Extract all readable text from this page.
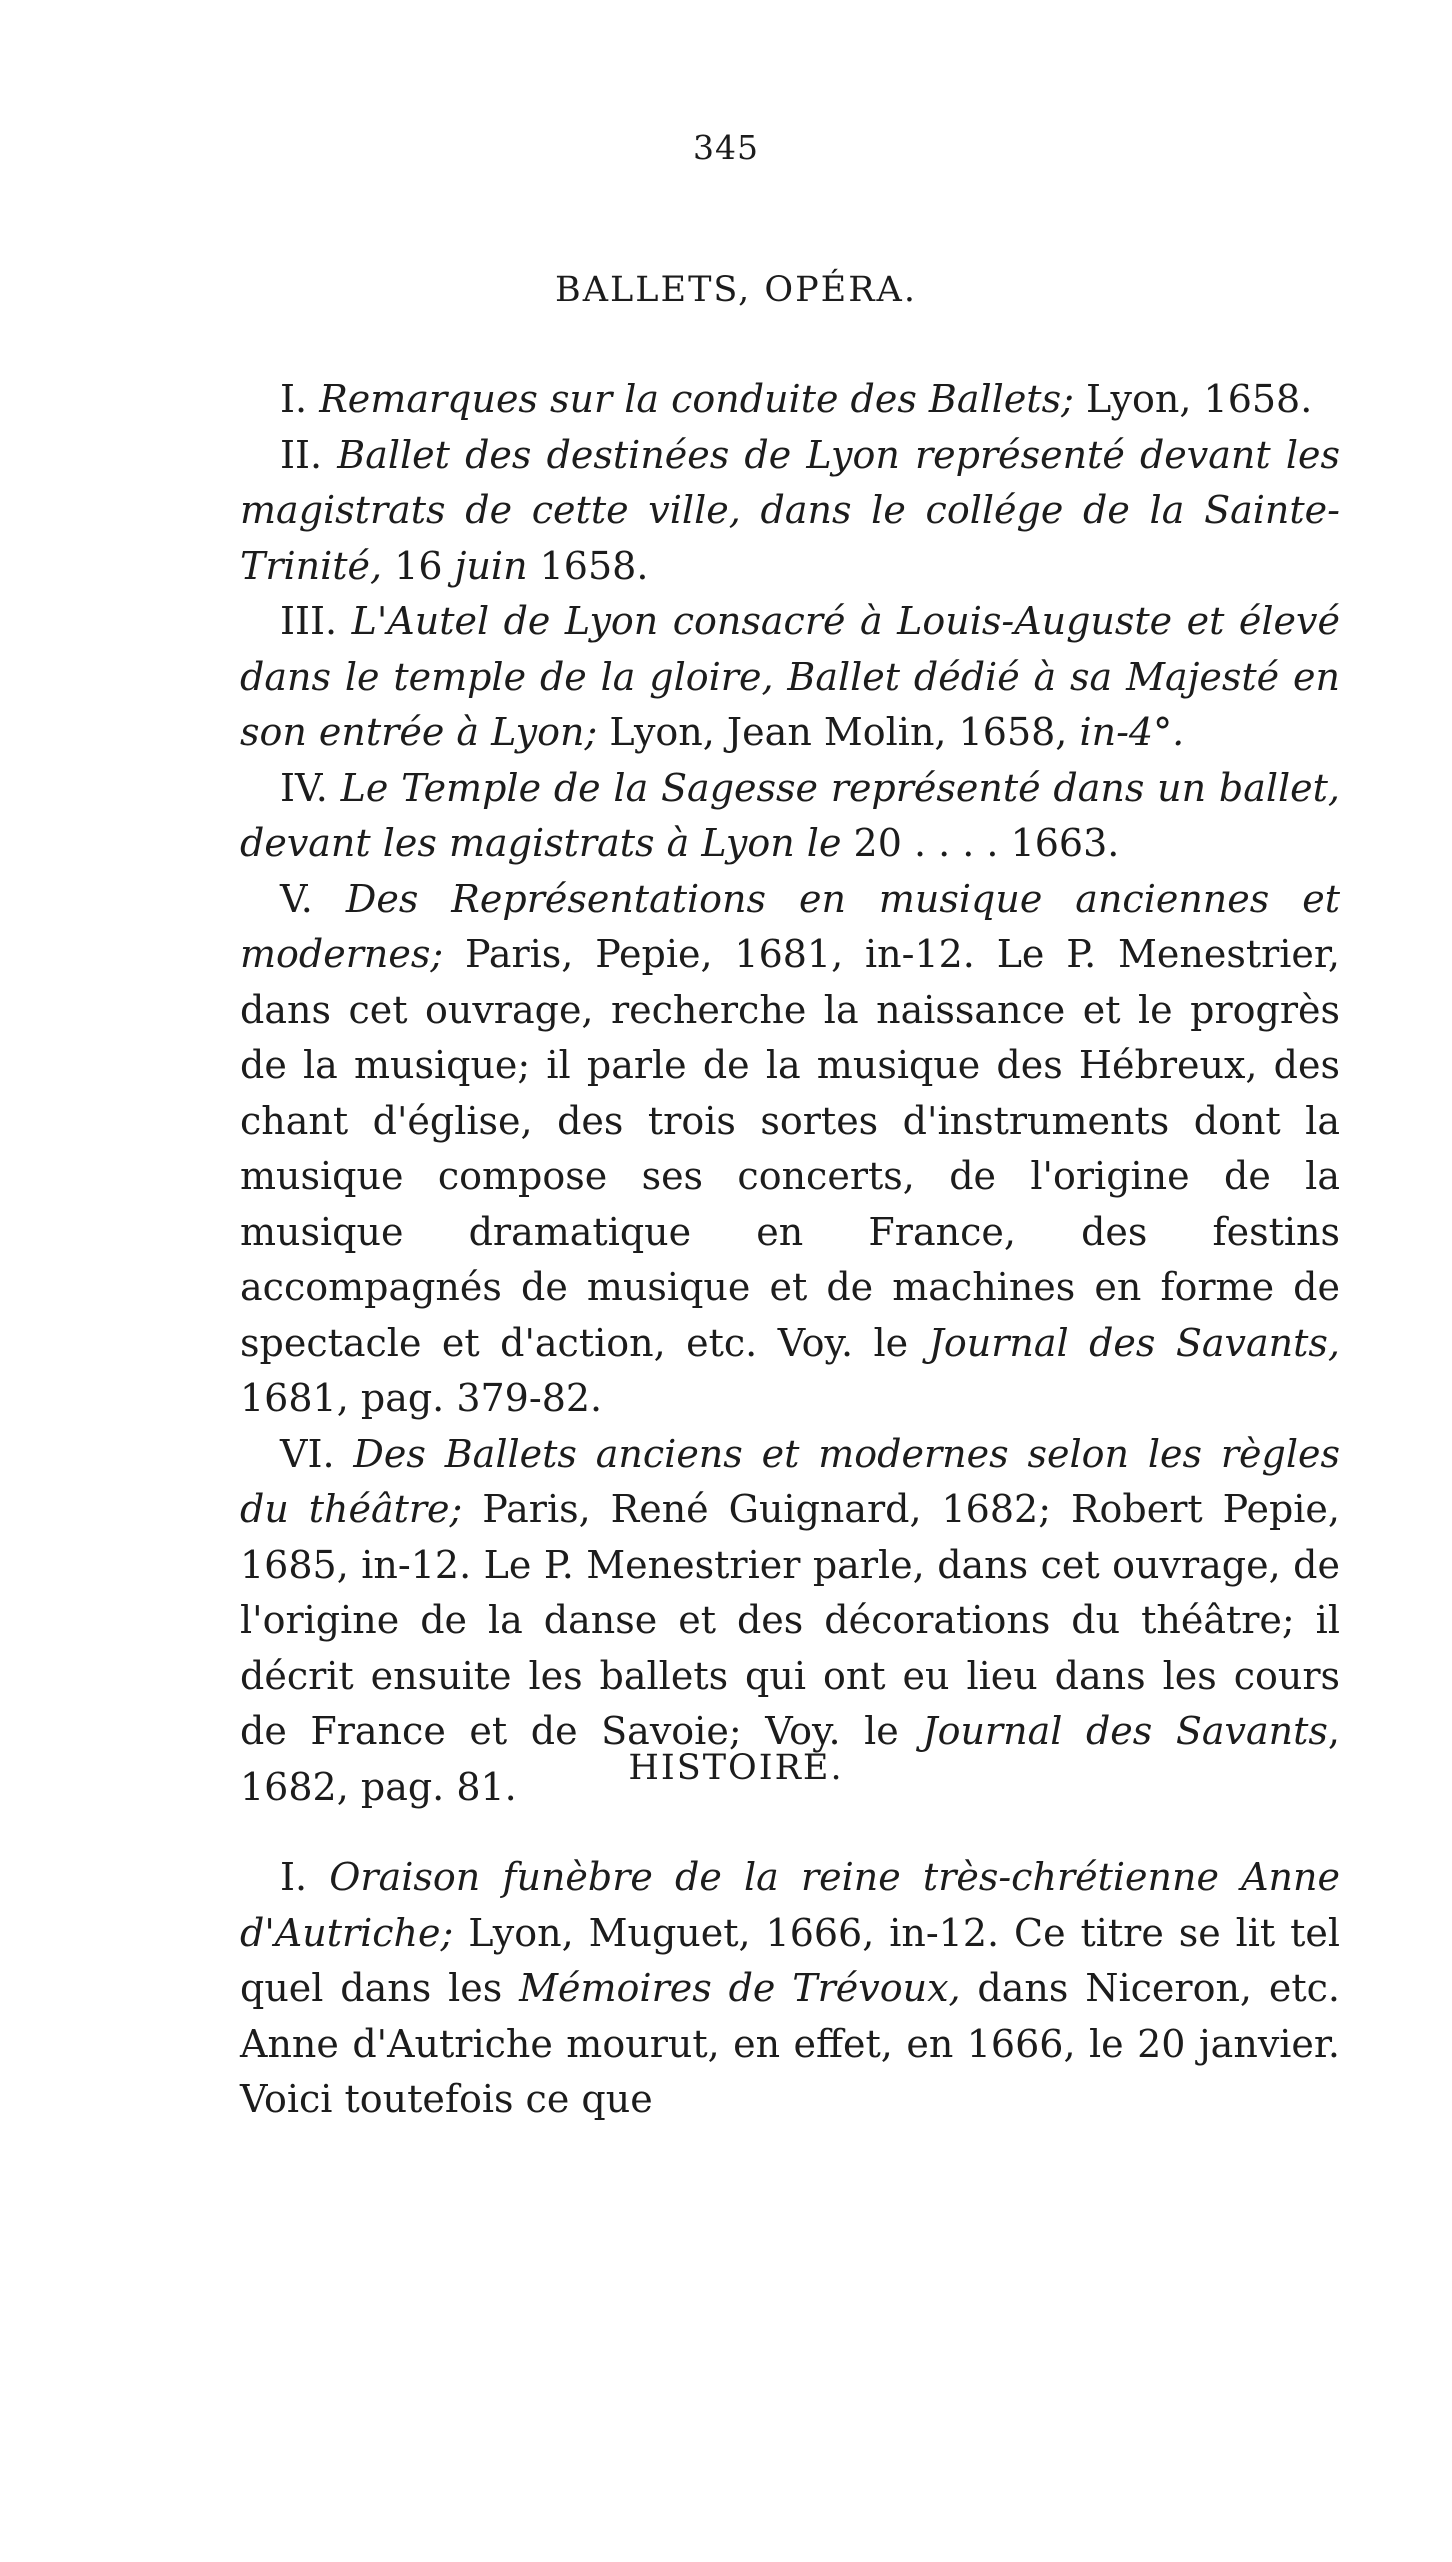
345
BALLETS, OPÉRA.

I. Remarques sur la conduite des Ballets; Lyon, 1658.

II. Ballet des destinées de Lyon représenté devant les magistrats de cette ville, dans le collége de la Sainte-Trinité, 16 juin 1658.

III. L'Autel de Lyon consacré à Louis-Auguste et élevé dans le temple de la gloire, Ballet dédié à sa Majesté en son entrée à Lyon; Lyon, Jean Molin, 1658, in-4°.

IV. Le Temple de la Sagesse représenté dans un ballet, devant les magistrats à Lyon le 20 . . . . 1663.

V. Des Représentations en musique anciennes et modernes; Paris, Pepie, 1681, in-12. Le P. Menestrier, dans cet ouvrage, recherche la naissance et le progrès de la musique; il parle de la musique des Hébreux, des chant d'église, des trois sortes d'instruments dont la musique compose ses concerts, de l'origine de la musique dramatique en France, des festins accompagnés de musique et de machines en forme de spectacle et d'action, etc. Voy. le Journal des Savants, 1681, pag. 379-82.

VI. Des Ballets anciens et modernes selon les règles du théâtre; Paris, René Guignard, 1682; Robert Pepie, 1685, in-12. Le P. Menestrier parle, dans cet ouvrage, de l'origine de la danse et des décorations du théâtre; il décrit ensuite les ballets qui ont eu lieu dans les cours de France et de Savoie; Voy. le Journal des Savants, 1682, pag. 81.	HISTOIRE.

I. Oraison funèbre de la reine très-chrétienne Anne d'Autriche; Lyon, Muguet, 1666, in-12. Ce titre se lit tel quel dans les Mémoires de Trévoux, dans Niceron, etc. Anne d'Autriche mourut, en effet, en 1666, le 20 janvier. Voici toutefois ce que
